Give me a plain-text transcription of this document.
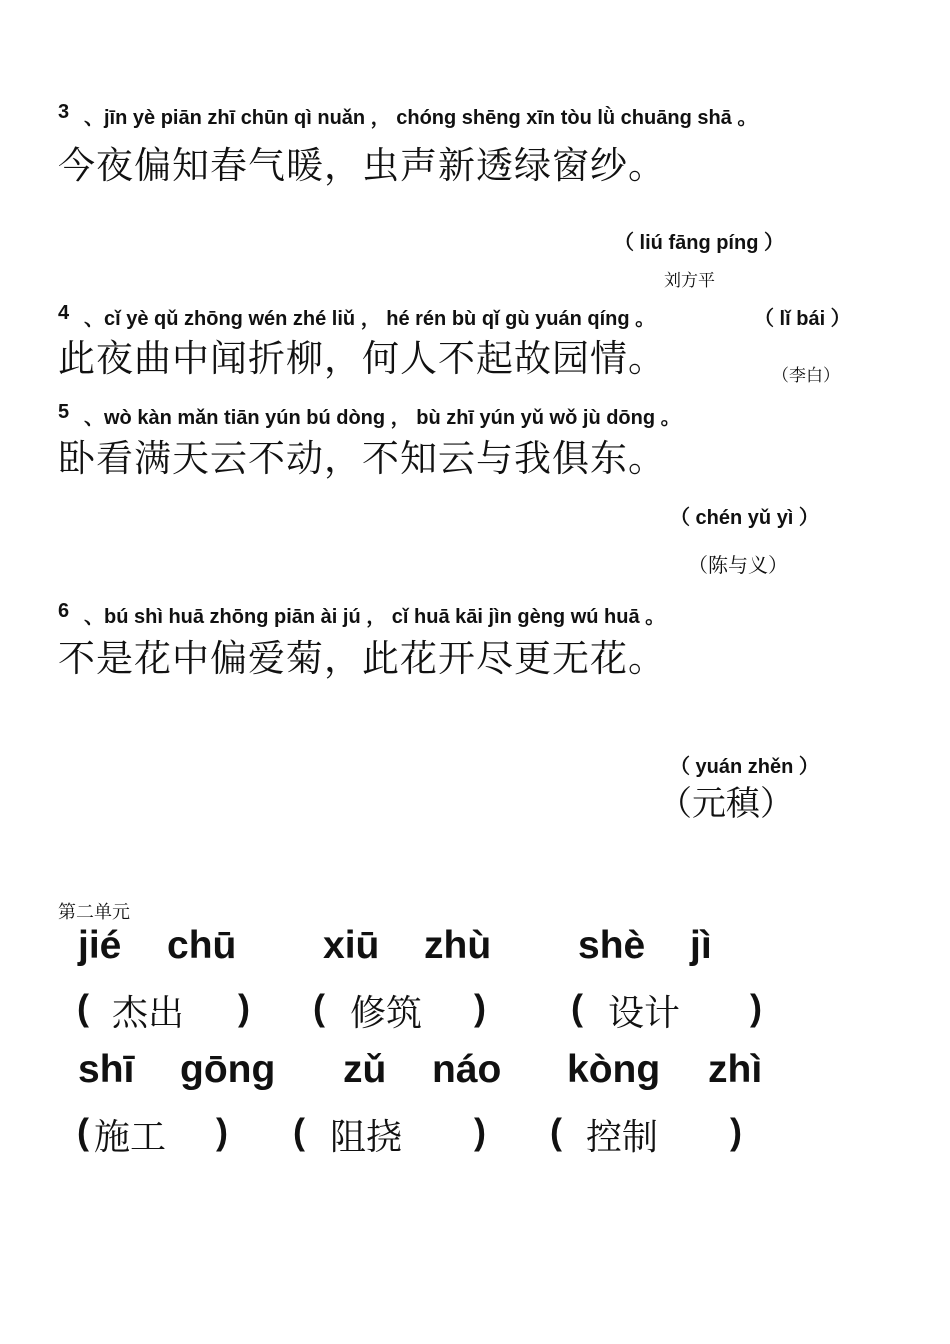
3 、jīn yè piān zhī chūn qì nuǎn ， chóng shēng xīn tòu lǜ chuāng shā 。
今夜偏知春气暖，虫声新透绿窗纱。
（ liú fāng píng ）
刘方平
4 、cǐ yè qǔ zhōng wén zhé liǔ ， hé rén bù qǐ gù yuán qíng 。	（ lǐ bái ）
此夜曲中闻折柳，何人不起故园情。	（李白）
5 、wò kàn mǎn tiān yún bú dòng ， bù zhī yún yǔ wǒ jù dōng 。
卧看满天云不动，不知云与我俱东。
（ chén yǔ yì ）
（陈与义）
6 、bú shì huā zhōng piān ài jú ， cǐ huā kāi jìn gèng wú huā 。
不是花中偏爱菊，此花开尽更无花。
（ yuán zhěn ）
（元稹）
第二单元
jié chū xiū zhù shè jì
( 杰出 ) ( 修筑 ) ( 设计 )
shī gōng zǔ náo kòng zhì
( 施工 ) ( 阻挠 ) ( 控制 )
